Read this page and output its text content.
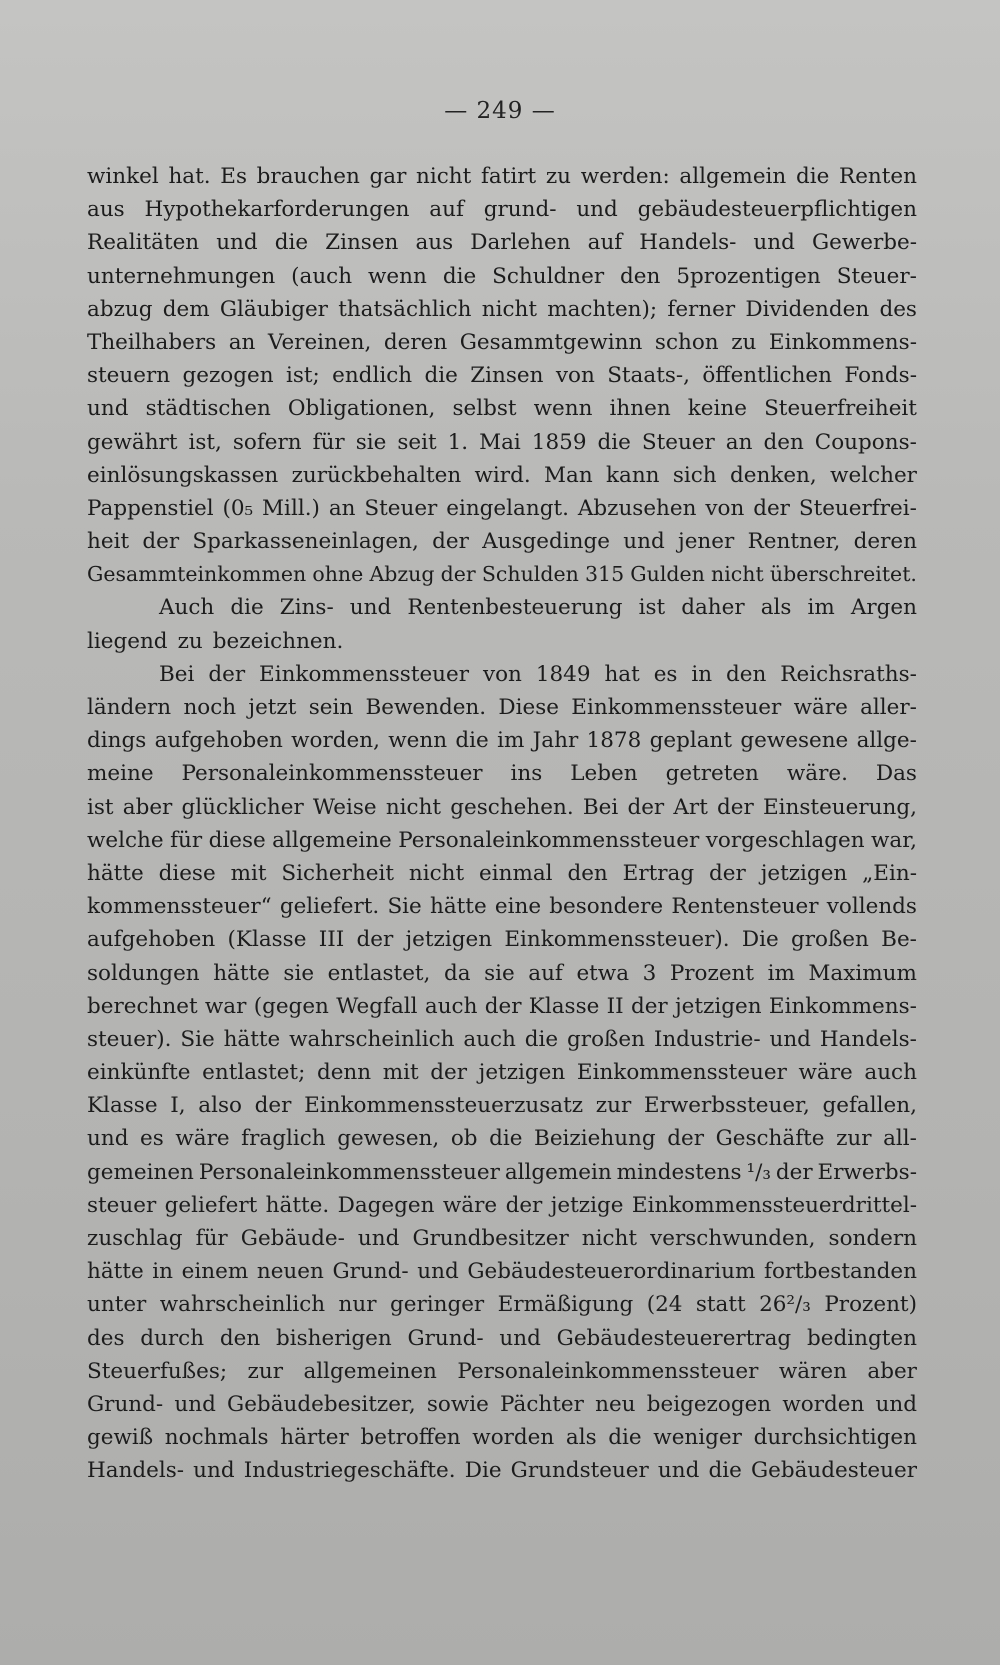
— 249 —
winkel hat. Es brauchen gar nicht fatirt zu werden: allgemein die Renten
aus Hypothekarforderungen auf grund- und gebäudesteuerpflichtigen
Realitäten und die Zinsen aus Darlehen auf Handels- und Gewerbe-
unternehmungen (auch wenn die Schuldner den 5prozentigen Steuer-
abzug dem Gläubiger thatsächlich nicht machten); ferner Dividenden des
Theilhabers an Vereinen, deren Gesammtgewinn schon zu Einkommens-
steuern gezogen ist; endlich die Zinsen von Staats-, öffentlichen Fonds-
und städtischen Obligationen, selbst wenn ihnen keine Steuerfreiheit
gewährt ist, sofern für sie seit 1. Mai 1859 die Steuer an den Coupons-
einlösungskassen zurückbehalten wird. Man kann sich denken, welcher
Pappenstiel (0₅ Mill.) an Steuer eingelangt. Abzusehen von der Steuerfrei-
heit der Sparkasseneinlagen, der Ausgedinge und jener Rentner, deren
Gesammteinkommen ohne Abzug der Schulden 315 Gulden nicht überschreitet.
Auch die Zins- und Rentenbesteuerung ist daher als im Argen
liegend zu bezeichnen.
Bei der Einkommenssteuer von 1849 hat es in den Reichsraths-
ländern noch jetzt sein Bewenden. Diese Einkommenssteuer wäre aller-
dings aufgehoben worden, wenn die im Jahr 1878 geplant gewesene allge-
meine Personaleinkommenssteuer ins Leben getreten wäre. Das
ist aber glücklicher Weise nicht geschehen. Bei der Art der Einsteuerung,
welche für diese allgemeine Personaleinkommenssteuer vorgeschlagen war,
hätte diese mit Sicherheit nicht einmal den Ertrag der jetzigen „Ein-
kommenssteuer“ geliefert. Sie hätte eine besondere Rentensteuer vollends
aufgehoben (Klasse III der jetzigen Einkommenssteuer). Die großen Be-
soldungen hätte sie entlastet, da sie auf etwa 3 Prozent im Maximum
berechnet war (gegen Wegfall auch der Klasse II der jetzigen Einkommens-
steuer). Sie hätte wahrscheinlich auch die großen Industrie- und Handels-
einkünfte entlastet; denn mit der jetzigen Einkommenssteuer wäre auch
Klasse I, also der Einkommenssteuerzusatz zur Erwerbssteuer, gefallen,
und es wäre fraglich gewesen, ob die Beiziehung der Geschäfte zur all-
gemeinen Personaleinkommenssteuer allgemein mindestens ¹/₃ der Erwerbs-
steuer geliefert hätte. Dagegen wäre der jetzige Einkommenssteuerdrittel-
zuschlag für Gebäude- und Grundbesitzer nicht verschwunden, sondern
hätte in einem neuen Grund- und Gebäudesteuerordinarium fortbestanden
unter wahrscheinlich nur geringer Ermäßigung (24 statt 26²/₃ Prozent)
des durch den bisherigen Grund- und Gebäudesteuerertrag bedingten
Steuerfußes; zur allgemeinen Personaleinkommenssteuer wären aber
Grund- und Gebäudebesitzer, sowie Pächter neu beigezogen worden und
gewiß nochmals härter betroffen worden als die weniger durchsichtigen
Handels- und Industriegeschäfte. Die Grundsteuer und die Gebäudesteuer
